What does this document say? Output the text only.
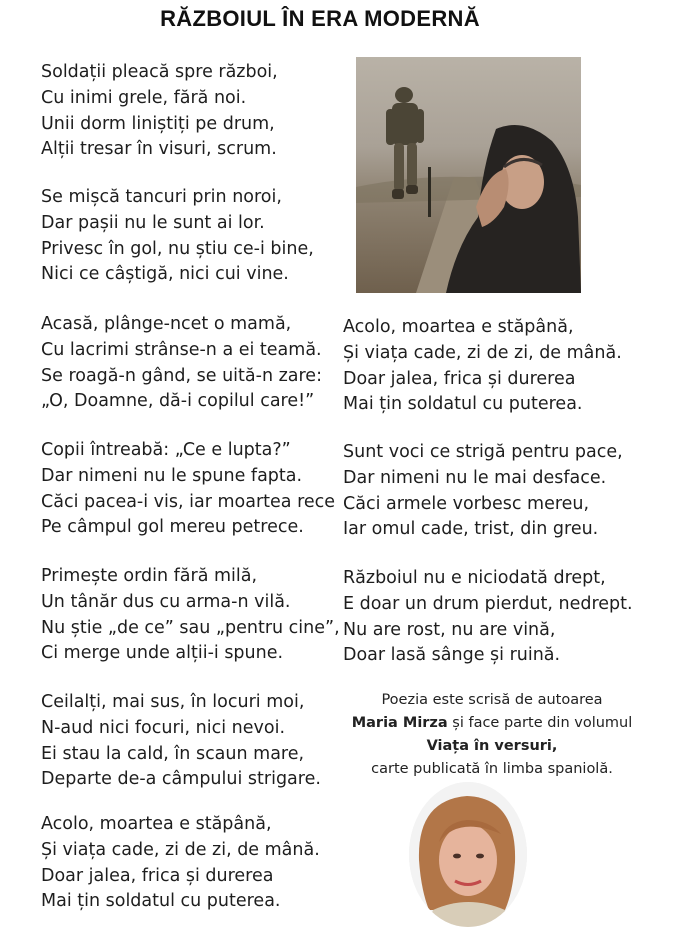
RĂZBOIUL ÎN ERA MODERNĂ
Soldații pleacă spre război,
Cu inimi grele, fără noi.
Unii dorm liniștiți pe drum,
Alții tresar în visuri, scrum.
Se mișcă tancuri prin noroi,
Dar pașii nu le sunt ai lor.
Privesc în gol, nu știu ce-i bine,
Nici ce câștigă, nici cui vine.
Acasă, plânge-ncet o mamă,
Cu lacrimi strânse-n a ei teamă.
Se roagă-n gând, se uită-n zare:
„O, Doamne, dă-i copilul care!”
Copii întreabă: „Ce e lupta?”
Dar nimeni nu le spune fapta.
Căci pacea-i vis, iar moartea rece
Pe câmpul gol mereu petrece.
Primește ordin fără milă,
Un tânăr dus cu arma-n vilă.
Nu știe „de ce” sau „pentru cine”,
Ci merge unde alții-i spune.
Ceilalți, mai sus, în locuri moi,
N-aud nici focuri, nici nevoi.
Ei stau la cald, în scaun mare,
Departe de-a câmpului strigare.
Acolo, moartea e stăpână,
Și viața cade, zi de zi, de mână.
Doar jalea, frica și durerea
Mai țin soldatul cu puterea.
Acolo, moartea e stăpână,
Și viața cade, zi de zi, de mână.
Doar jalea, frica și durerea
Mai țin soldatul cu puterea.
Sunt voci ce strigă pentru pace,
Dar nimeni nu le mai desface.
Căci armele vorbesc mereu,
Iar omul cade, trist, din greu.
Războiul nu e niciodată drept,
E doar un drum pierdut, nedrept.
Nu are rost, nu are vină,
Doar lasă sânge și ruină.
Poezia este scrisă de autoarea
Maria Mirza și face parte din volumul
Viața în versuri,
carte publicată în limba spaniolă.
